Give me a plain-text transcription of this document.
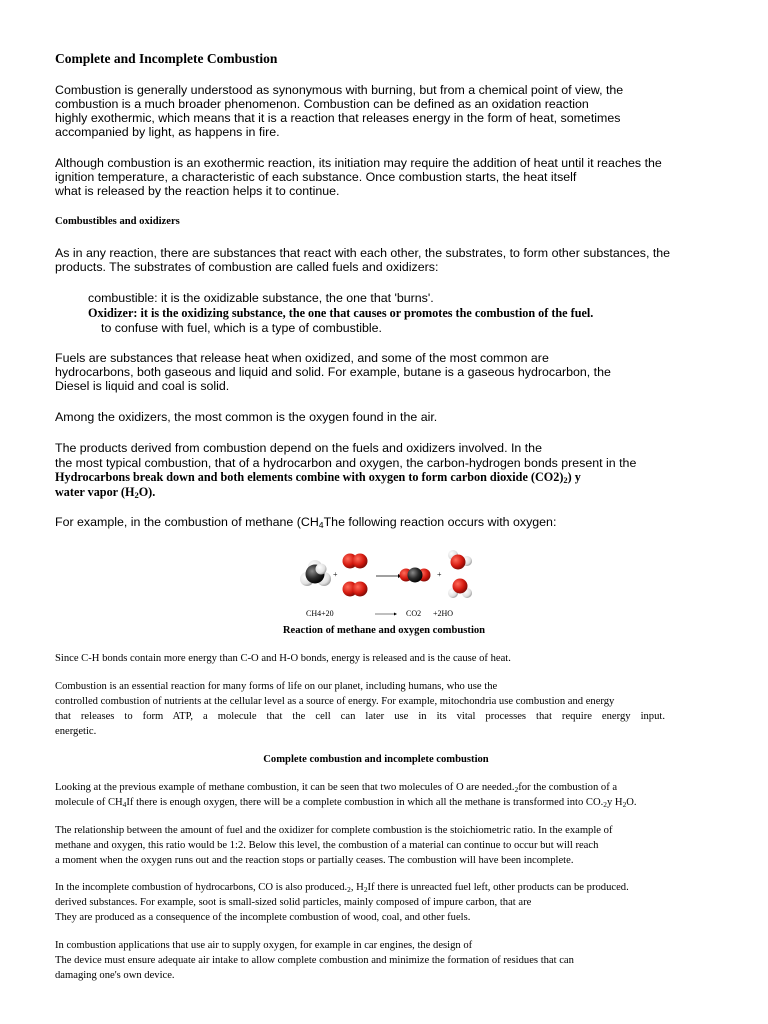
Complete and Incomplete Combustion
Combustion is generally understood as synonymous with burning, but from a chemical point of view, the
combustion is a much broader phenomenon. Combustion can be defined as an oxidation reaction
highly exothermic, which means that it is a reaction that releases energy in the form of heat, sometimes
accompanied by light, as happens in fire.
Although combustion is an exothermic reaction, its initiation may require the addition of heat until it reaches the
ignition temperature, a characteristic of each substance. Once combustion starts, the heat itself
what is released by the reaction helps it to continue.
Combustibles and oxidizers
As in any reaction, there are substances that react with each other, the substrates, to form other substances, the
products. The substrates of combustion are called fuels and oxidizers:
combustible: it is the oxidizable substance, the one that 'burns'.
Oxidizer: it is the oxidizing substance, the one that causes or promotes the combustion of the fuel.
to confuse with fuel, which is a type of combustible.
Fuels are substances that release heat when oxidized, and some of the most common are
hydrocarbons, both gaseous and liquid and solid. For example, butane is a gaseous hydrocarbon, the
Diesel is liquid and coal is solid.
Among the oxidizers, the most common is the oxygen found in the air.
The products derived from combustion depend on the fuels and oxidizers involved. In the
the most typical combustion, that of a hydrocarbon and oxygen, the carbon-hydrogen bonds present in the
Hydrocarbons break down and both elements combine with oxygen to form carbon dioxide $(CO2)_2$) y
water vapor $(H_2O)$.
For example, in the combustion of methane ($CH_4The$ following reaction occurs with oxygen:
+	+
CH4+20	CO2 +2HO
Reaction of methane and oxygen combustion
Since C-H bonds contain more energy than C-O and H-O bonds, energy is released and is the cause of heat.
Combustion is an essential reaction for many forms of life on our planet, including humans, who use the
controlled combustion of nutrients at the cellular level as a source of energy. For example, mitochondria use combustion and energy
that releases to form ATP, a molecule that the cell can later use in its vital processes that require energy input.
energetic.
Complete combustion and incomplete combustion
Looking at the previous example of methane combustion, it can be seen that two molecules of O are $needed._2for$ the combustion of a
molecule of $CH_4If$ there is enough oxygen, there will be a complete combustion in which all the methane is transformed into $CO._2y$ $H_2O$.
The relationship between the amount of fuel and the oxidizer for complete combustion is the stoichiometric ratio. In the example of
methane and oxygen, this ratio would be 1:2. Below this level, the combustion of a material can continue to occur but will reach
a moment when the oxygen runs out and the reaction stops or partially ceases. The combustion will have been incomplete.
In the incomplete combustion of hydrocarbons, CO is also $produced._2$, $H_2If$ there is unreacted fuel left, other products can be produced.
derived substances. For example, soot is small-sized solid particles, mainly composed of impure carbon, that are
They are produced as a consequence of the incomplete combustion of wood, coal, and other fuels.
In combustion applications that use air to supply oxygen, for example in car engines, the design of
The device must ensure adequate air intake to allow complete combustion and minimize the formation of residues that can
damaging one's own device.
